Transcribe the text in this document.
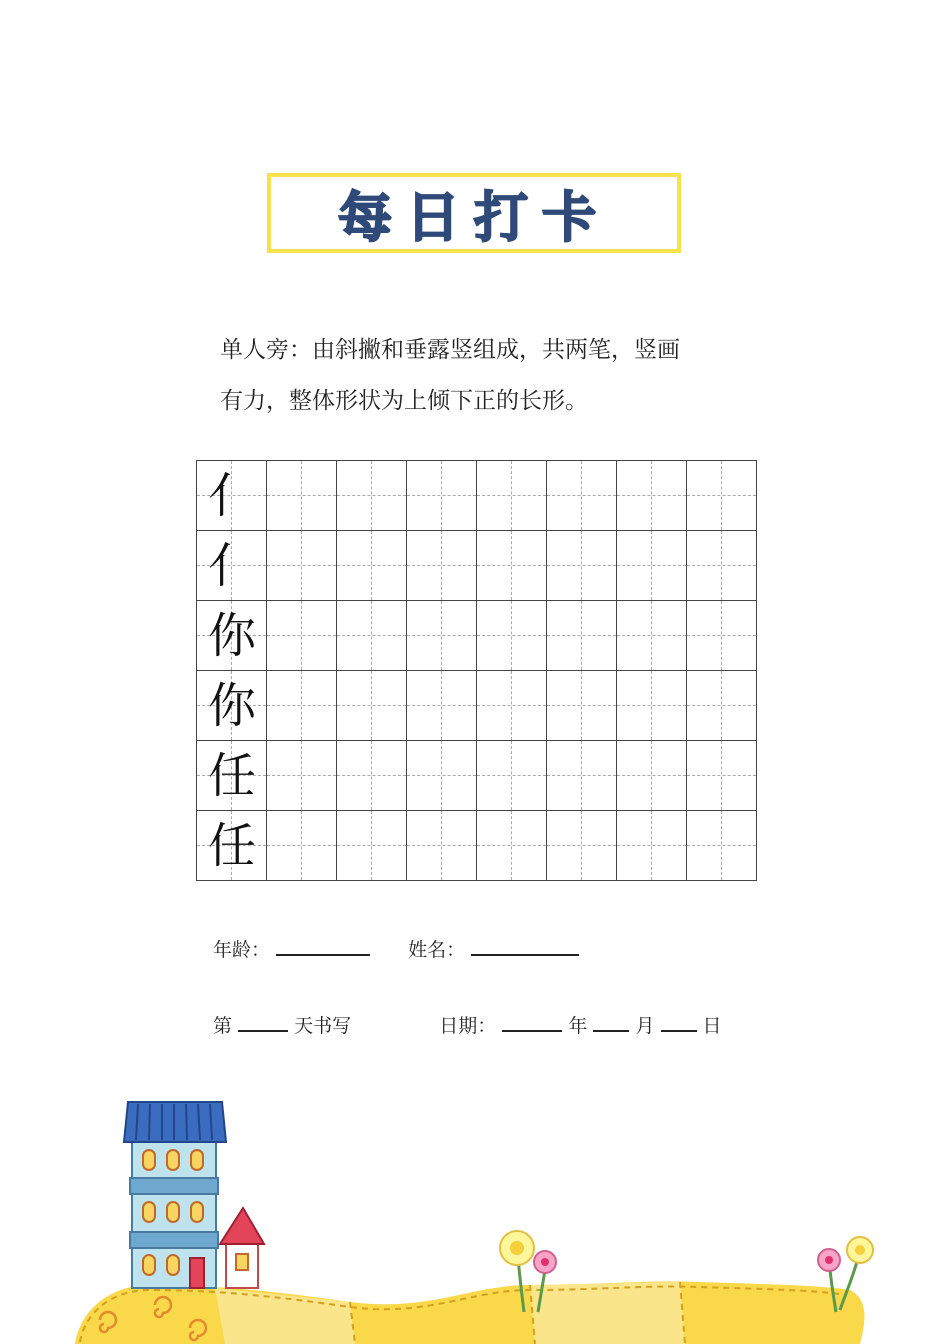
每日打卡
单人旁：由斜撇和垂露竖组成，共两笔，竖画
有力，整体形状为上倾下正的长形。
亻
亻
你
你
任
任
年龄：	姓名：
第	天书写	日期：	年	月	日
